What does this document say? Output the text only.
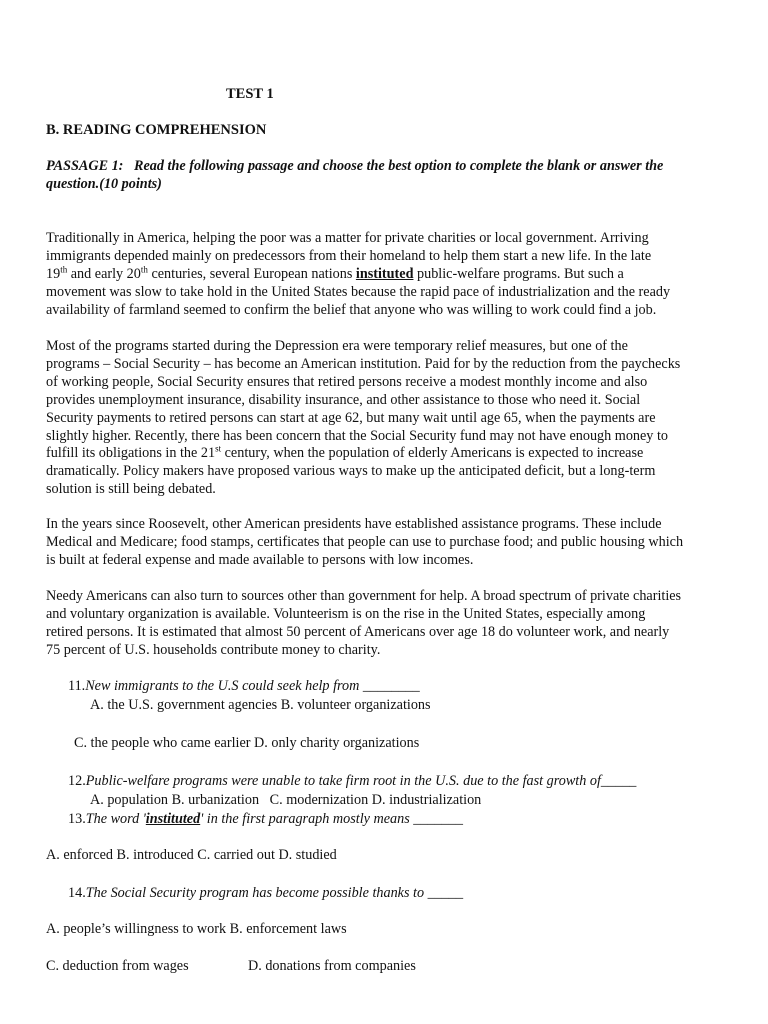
TEST 1
B. READING COMPREHENSION
PASSAGE 1: Read the following passage and choose the best option to complete the blank or answer the
question.(10 points)
Traditionally in America, helping the poor was a matter for private charities or local government. Arriving
immigrants depended mainly on predecessors from their homeland to help them start a new life. In the late
19th and early 20th centuries, several European nations instituted public-welfare programs. But such a
movement was slow to take hold in the United States because the rapid pace of industrialization and the ready
availability of farmland seemed to confirm the belief that anyone who was willing to work could find a job.
Most of the programs started during the Depression era were temporary relief measures, but one of the
programs – Social Security – has become an American institution. Paid for by the reduction from the paychecks
of working people, Social Security ensures that retired persons receive a modest monthly income and also
provides unemployment insurance, disability insurance, and other assistance to those who need it. Social
Security payments to retired persons can start at age 62, but many wait until age 65, when the payments are
slightly higher. Recently, there has been concern that the Social Security fund may not have enough money to
fulfill its obligations in the 21st century, when the population of elderly Americans is expected to increase
dramatically. Policy makers have proposed various ways to make up the anticipated deficit, but a long-term
solution is still being debated.
In the years since Roosevelt, other American presidents have established assistance programs. These include
Medical and Medicare; food stamps, certificates that people can use to purchase food; and public housing which
is built at federal expense and made available to persons with low incomes.
Needy Americans can also turn to sources other than government for help. A broad spectrum of private charities
and voluntary organization is available. Volunteerism is on the rise in the United States, especially among
retired persons. It is estimated that almost 50 percent of Americans over age 18 do volunteer work, and nearly
75 percent of U.S. households contribute money to charity.
11.New immigrants to the U.S could seek help from ________
A. the U.S. government agencies B. volunteer organizations
C. the people who came earlier D. only charity organizations
12.Public-welfare programs were unable to take firm root in the U.S. due to the fast growth of_____
A. population B. urbanization   C. modernization D. industrialization
13.The word 'instituted' in the first paragraph mostly means _______
A. enforced B. introduced C. carried out D. studied
14.The Social Security program has become possible thanks to _____
A. people’s willingness to work B. enforcement laws
C. deduction from wages	D. donations from companies
